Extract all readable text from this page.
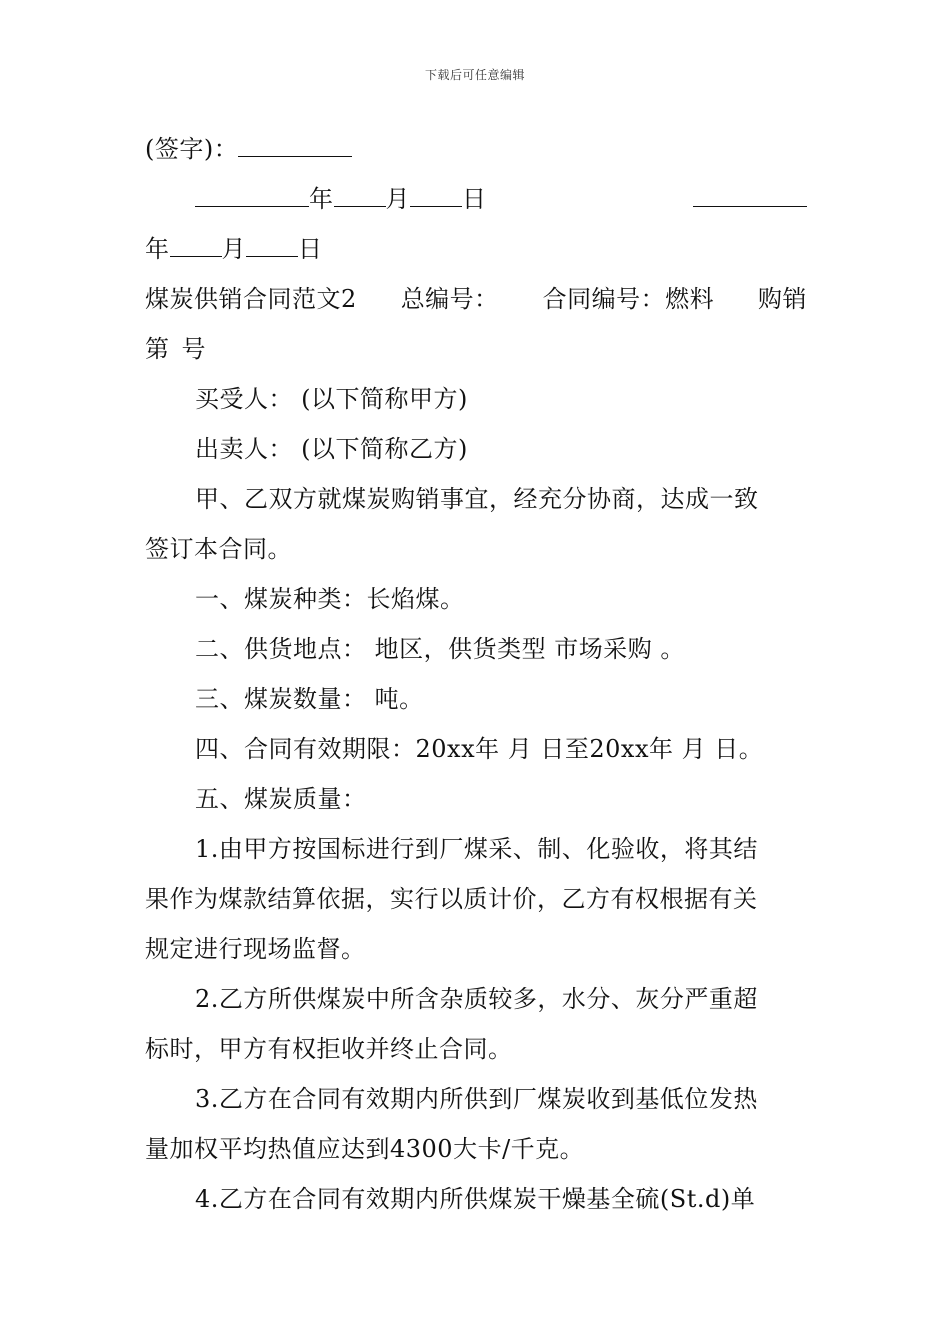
下载后可任意编辑
(签字)：
年 月 日
年 月 日
煤炭供销合同范文2 总编号： 合同编号：燃料 购销
第 号
买受人： (以下简称甲方)
出卖人： (以下简称乙方)
甲、乙双方就煤炭购销事宜，经充分协商，达成一致
签订本合同。
一、煤炭种类：长焰煤。
二、供货地点： 地区，供货类型 市场采购 。
三、煤炭数量： 吨。
四、合同有效期限：20xx年 月 日至20xx年 月 日。
五、煤炭质量：
1.由甲方按国标进行到厂煤采、制、化验收，将其结
果作为煤款结算依据，实行以质计价，乙方有权根据有关
规定进行现场监督。
2.乙方所供煤炭中所含杂质较多，水分、灰分严重超
标时，甲方有权拒收并终止合同。
3.乙方在合同有效期内所供到厂煤炭收到基低位发热
量加权平均热值应达到4300大卡/千克。
4.乙方在合同有效期内所供煤炭干燥基全硫(St.d)单
